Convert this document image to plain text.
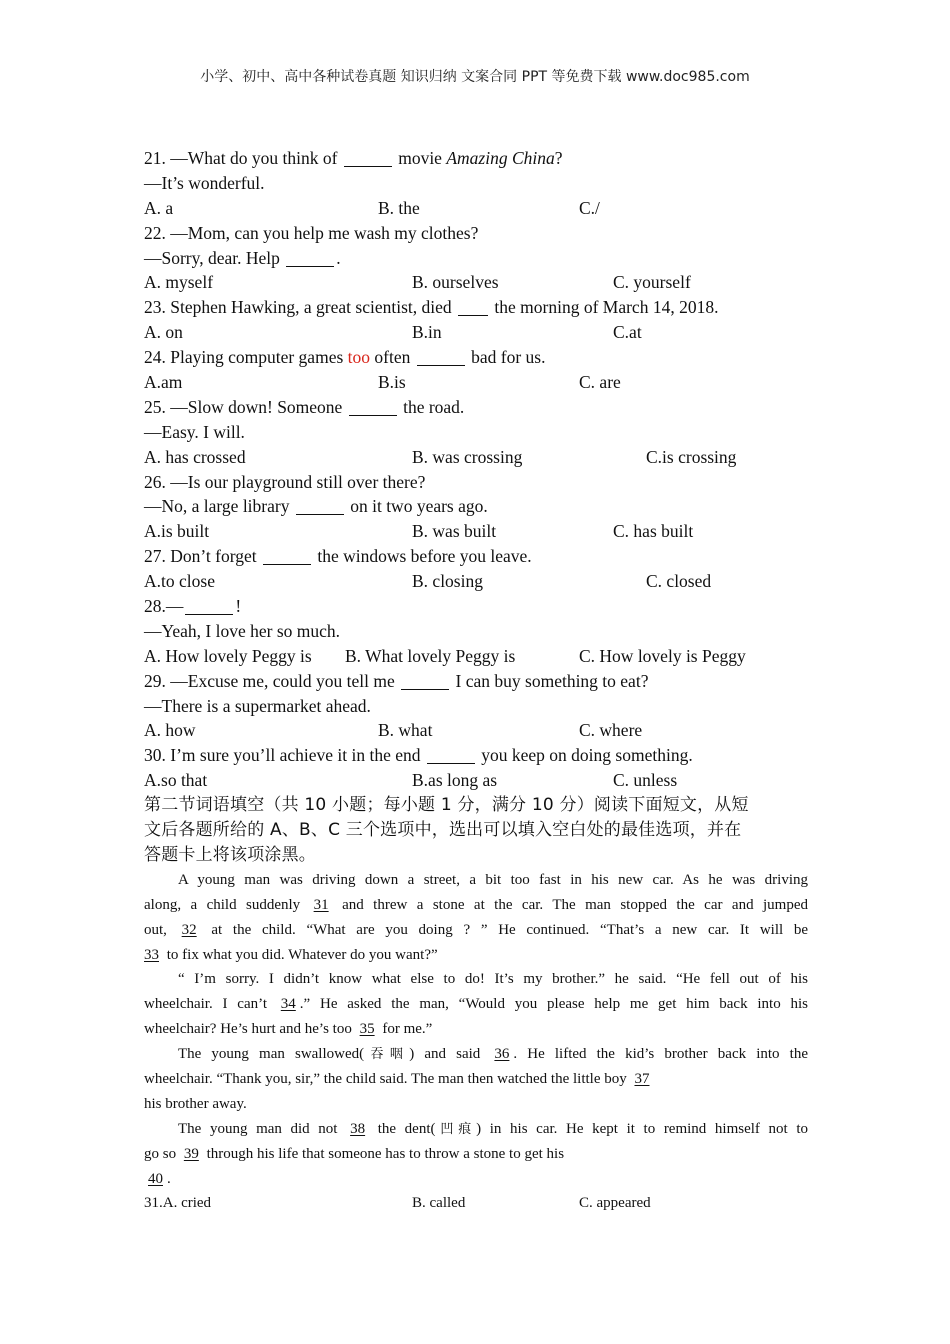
小学、初中、高中各种试卷真题 知识归纳 文案合同 PPT 等免费下载 www.doc985.com
21. —What do you think of	movie Amazing China?
—It’s wonderful.
A. a	B. the	C./
22. —Mom, can you help me wash my clothes?
—Sorry, dear. Help	.
A. myself	B. ourselves	C. yourself
23. Stephen Hawking, a great scientist, died the morning of March 14, 2018.
A. on	B.in	C.at
24. Playing computer games too often	bad for us.
A.am	B.is	C. are
25. —Slow down! Someone	the road.
—Easy. I will.
A. has crossed	B. was crossing	C.is crossing
26. —Is our playground still over there?
—No, a large library	on it two years ago.
A.is built	B. was built	C. has built
27. Don’t forget	the windows before you leave.
A.to close	B. closing	C. closed
28.—	!
—Yeah, I love her so much.
A. How lovely Peggy is B. What lovely Peggy is	C. How lovely is Peggy
29. —Excuse me, could you tell me	I can buy something to eat?
—There is a supermarket ahead.
A. how	B. what	C. where
30. I’m sure you’ll achieve it in the end	you keep on doing something.
A.so that	B.as long as	C. unless
第二节词语填空（共 10 小题；每小题 1 分，满分 10 分）阅读下面短文，从短
文后各题所给的 A、B、C 三个选项中，选出可以填入空白处的最佳选项，并在
答题卡上将该项涂黑。
A young man was driving down a street, a bit too fast in his new car. As he was driving
along, a child suddenly 31 and threw a stone at the car. The man stopped the car and jumped
out, 32 at the child. “What are you doing ? ” He continued. “That’s a new car. It will be
33 to fix what you did. Whatever do you want?”
“ I’m sorry. I didn’t know what else to do! It’s my brother.” he said. “He fell out of his
wheelchair. I can’t 34 .” He asked the man, “Would you please help me get him back into his
wheelchair? He’s hurt and he’s too 35 for me.”
The young man swallowed(吞咽) and said 36 . He lifted the kid’s brother back into the
wheelchair. “Thank you, sir,” the child said. The man then watched the little boy 37
his brother away.
The young man did not 38 the dent(凹痕) in his car. He kept it to remind himself not to
go so 39 through his life that someone has to throw a stone to get his
40 .
31.A. cried	B. called	C. appeared
